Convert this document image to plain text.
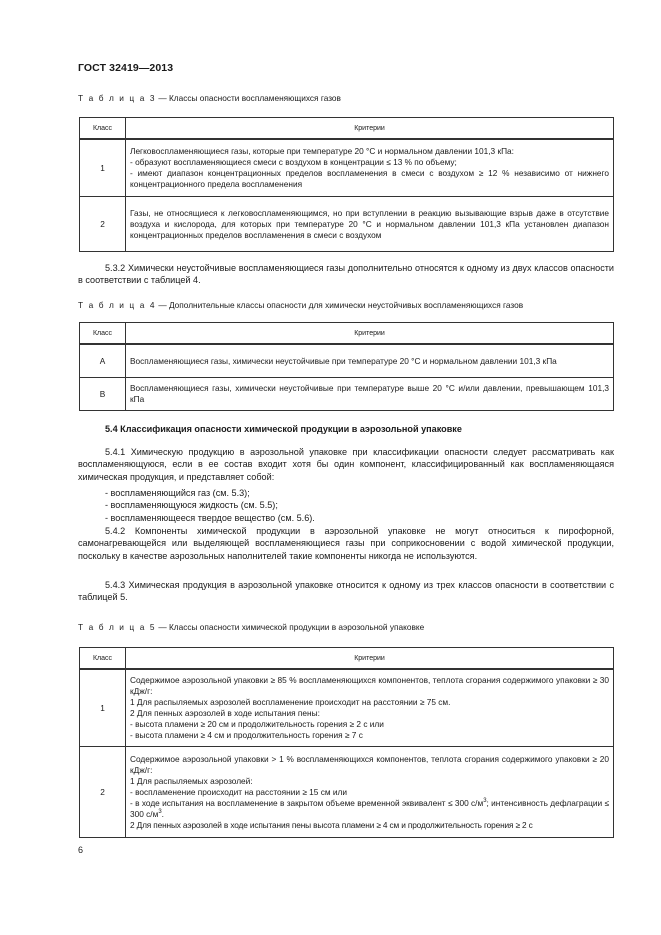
ГОСТ 32419—2013
Т а б л и ц а 3 — Классы опасности воспламеняющихся газов
Класс	Критерии
1	Легковоспламеняющиеся газы, которые при температуре 20 °С и нормальном давлении 101,3 кПа:
- образуют воспламеняющиеся смеси с воздухом в концентрации ≤ 13 % по объему;
- имеют диапазон концентрационных пределов воспламенения в смеси с воздухом ≥ 12 % независимо от нижнего концентрационного предела воспламенения

2	Газы, не относящиеся к легковоспламеняющимся, но при вступлении в реакцию вызывающие взрыв даже в отсутствие воздуха и кислорода, для которых при температуре 20 °С и нормальном давлении 101,3 кПа установлен диапазон концентрационных пределов воспламенения в смеси с воздухом
5.3.2 Химически неустойчивые воспламеняющиеся газы дополнительно относятся к одному из двух классов опасности в соответствии с таблицей 4.
Т а б л и ц а 4 — Дополнительные классы опасности для химически неустойчивых воспламеняющихся газов
Класс	Критерии
А	Воспламеняющиеся газы, химически неустойчивые при температуре 20 °С и нормальном давлении 101,3 кПа
В	Воспламеняющиеся газы, химически неустойчивые при температуре выше 20 °С и/или давлении, превышающем 101,3 кПа
5.4 Классификация опасности химической продукции в аэрозольной упаковке
5.4.1 Химическую продукцию в аэрозольной упаковке при классификации опасности следует рассматривать как воспламеняющуюся, если в ее состав входит хотя бы один компонент, классифицированный как воспламеняющаяся химическая продукция, и представляет собой:
- воспламеняющийся газ (см. 5.3);
- воспламеняющуюся жидкость (см. 5.5);
- воспламеняющееся твердое вещество (см. 5.6).
5.4.2 Компоненты химической продукции в аэрозольной упаковке не могут относиться к пирофорной, самонагревающейся или выделяющей воспламеняющиеся газы при соприкосновении с водой химической продукции, поскольку в качестве аэрозольных наполнителей такие компоненты никогда не используются.
5.4.3 Химическая продукция в аэрозольной упаковке относится к одному из трех классов опасности в соответствии с таблицей 5.
Т а б л и ц а 5 — Классы опасности химической продукции в аэрозольной упаковке
Класс	Критерии
1	Содержимое аэрозольной упаковки ≥ 85 % воспламеняющихся компонентов, теплота сгорания содержимого упаковки ≥ 30 кДж/г:
1 Для распыляемых аэрозолей воспламенение происходит на расстоянии ≥ 75 см.
2 Для пенных аэрозолей в ходе испытания пены:
- высота пламени ≥ 20 см и продолжительность горения ≥ 2 с или
- высота пламени ≥ 4 см и продолжительность горения ≥ 7 с

2	Содержимое аэрозольной упаковки > 1 % воспламеняющихся компонентов, теплота сгорания содержимого упаковки ≥ 20 кДж/г:
1 Для распыляемых аэрозолей:
- воспламенение происходит на расстоянии ≥ 15 см или
- в ходе испытания на воспламенение в закрытом объеме временной эквивалент ≤ 300 $с/м^3$; интенсивность дефлаграции ≤ 300 $с/м^3$.
2 Для пенных аэрозолей в ходе испытания пены высота пламени ≥ 4 см и продолжительность горения ≥ 2 с
6
